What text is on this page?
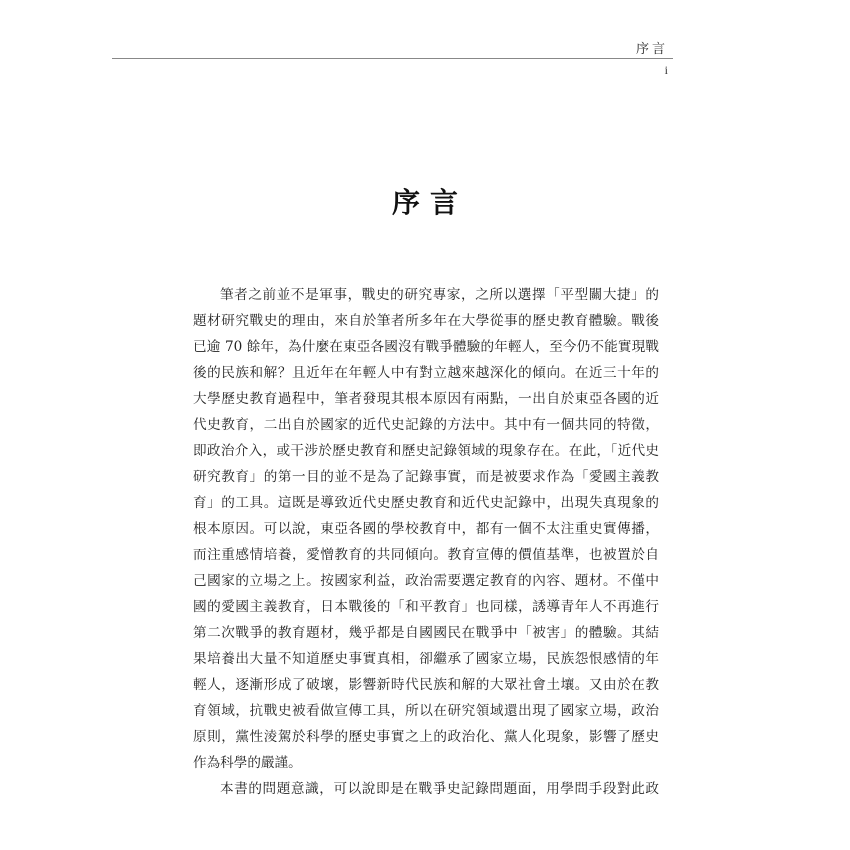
序言
i
序言
筆者之前並不是軍事，戰史的研究專家，之所以選擇「平型關大捷」的
題材研究戰史的理由，來自於筆者所多年在大學從事的歷史教育體驗。戰後
已逾 70 餘年，為什麼在東亞各國沒有戰爭體驗的年輕人，至今仍不能實現戰
後的民族和解？且近年在年輕人中有對立越來越深化的傾向。在近三十年的
大學歷史教育過程中，筆者發現其根本原因有兩點，一出自於東亞各國的近
代史教育，二出自於國家的近代史記錄的方法中。其中有一個共同的特徵，
即政治介入，或干涉於歷史教育和歷史記錄領域的現象存在。在此，「近代史
研究教育」的第一目的並不是為了記錄事實，而是被要求作為「愛國主義教
育」的工具。這既是導致近代史歷史教育和近代史記錄中，出現失真現象的
根本原因。可以說，東亞各國的學校教育中，都有一個不太注重史實傳播，
而注重感情培養，愛憎教育的共同傾向。教育宣傳的價值基準，也被置於自
己國家的立場之上。按國家利益，政治需要選定教育的內容、題材。不僅中
國的愛國主義教育，日本戰後的「和平教育」也同樣，誘導青年人不再進行
第二次戰爭的教育題材，幾乎都是自國國民在戰爭中「被害」的體驗。其結
果培養出大量不知道歷史事實真相，卻繼承了國家立場，民族怨恨感情的年
輕人，逐漸形成了破壞，影響新時代民族和解的大眾社會土壤。又由於在教
育領域，抗戰史被看做宣傳工具，所以在研究領域還出現了國家立場，政治
原則，黨性淩駕於科學的歷史事實之上的政治化、黨人化現象，影響了歷史
作為科學的嚴謹。
本書的問題意識，可以說即是在戰爭史記錄問題面，用學問手段對此政
